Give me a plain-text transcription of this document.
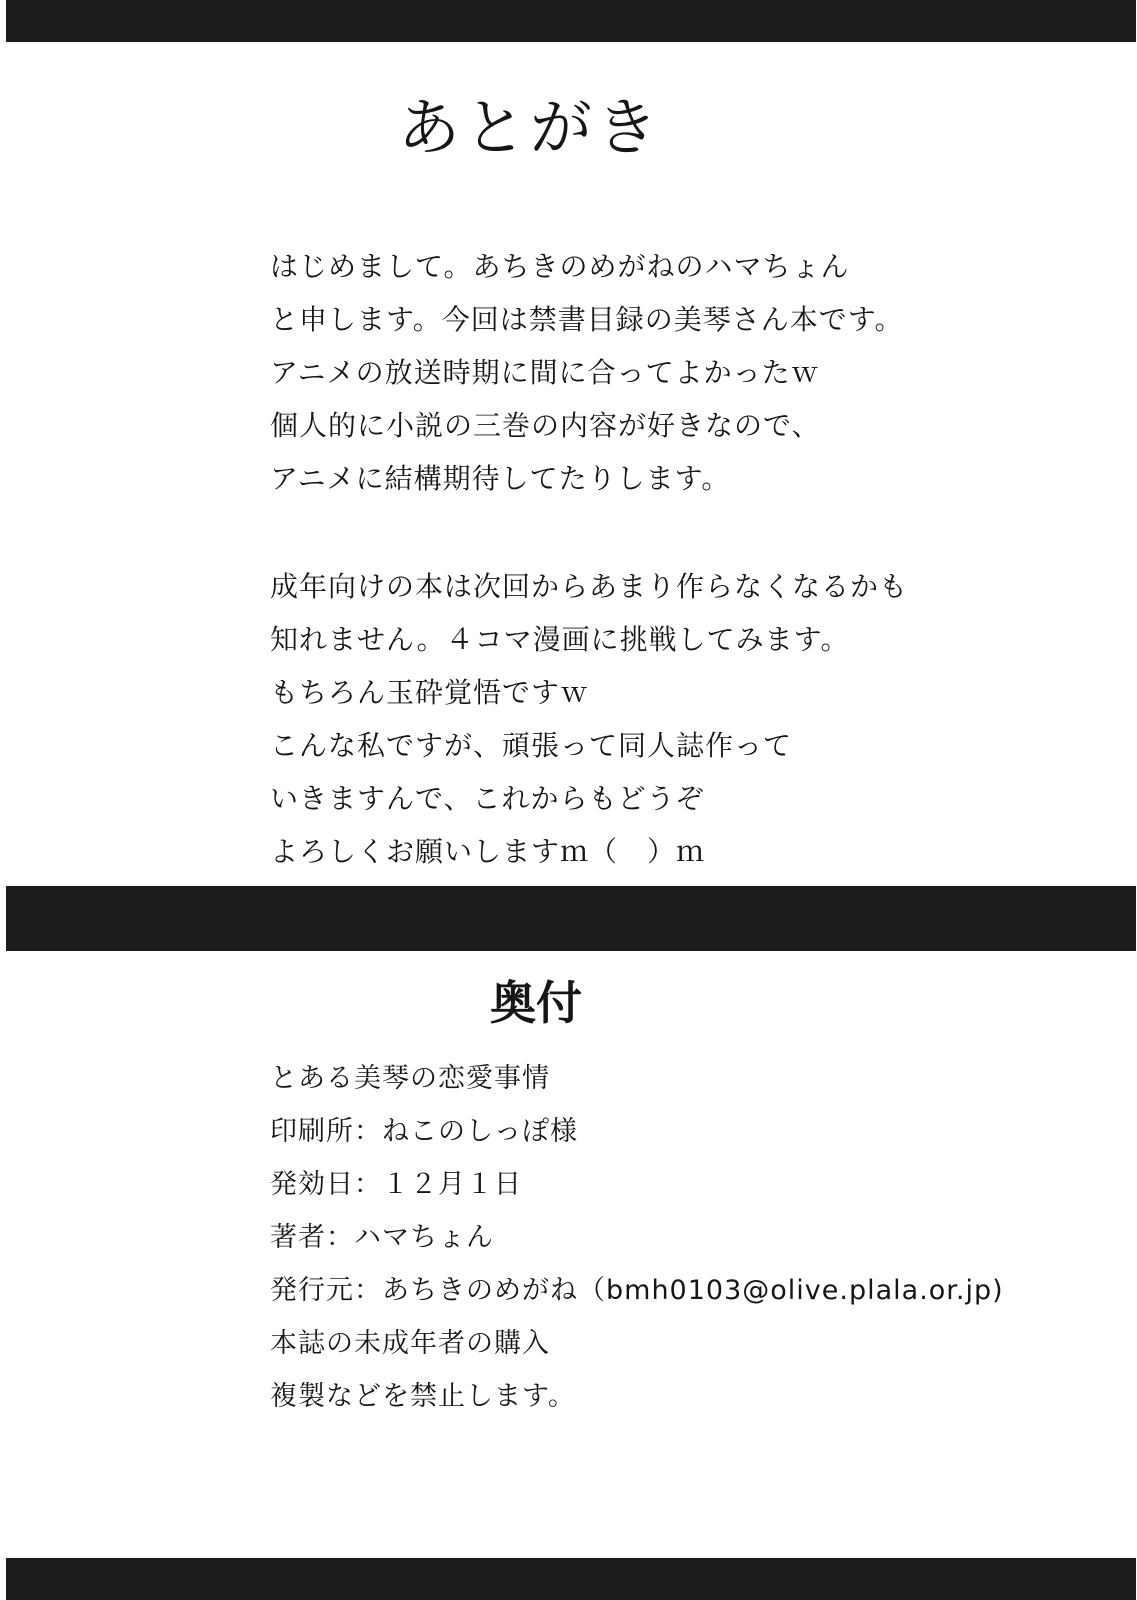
あとがき
はじめまして。あちきのめがねのハマちょん
と申します。今回は禁書目録の美琴さん本です。
アニメの放送時期に間に合ってよかったｗ
個人的に小説の三巻の内容が好きなので、
アニメに結構期待してたりします。
成年向けの本は次回からあまり作らなくなるかも
知れません。４コマ漫画に挑戦してみます。
もちろん玉砕覚悟ですｗ
こんな私ですが、頑張って同人誌作って
いきますんで、これからもどうぞ
よろしくお願いしますｍ（　）ｍ
奥付
とある美琴の恋愛事情
印刷所：ねこのしっぽ様
発効日：１２月１日
著者：ハマちょん
発行元：あちきのめがね（bmh0103@olive.plala.or.jp)
本誌の未成年者の購入
複製などを禁止します。
